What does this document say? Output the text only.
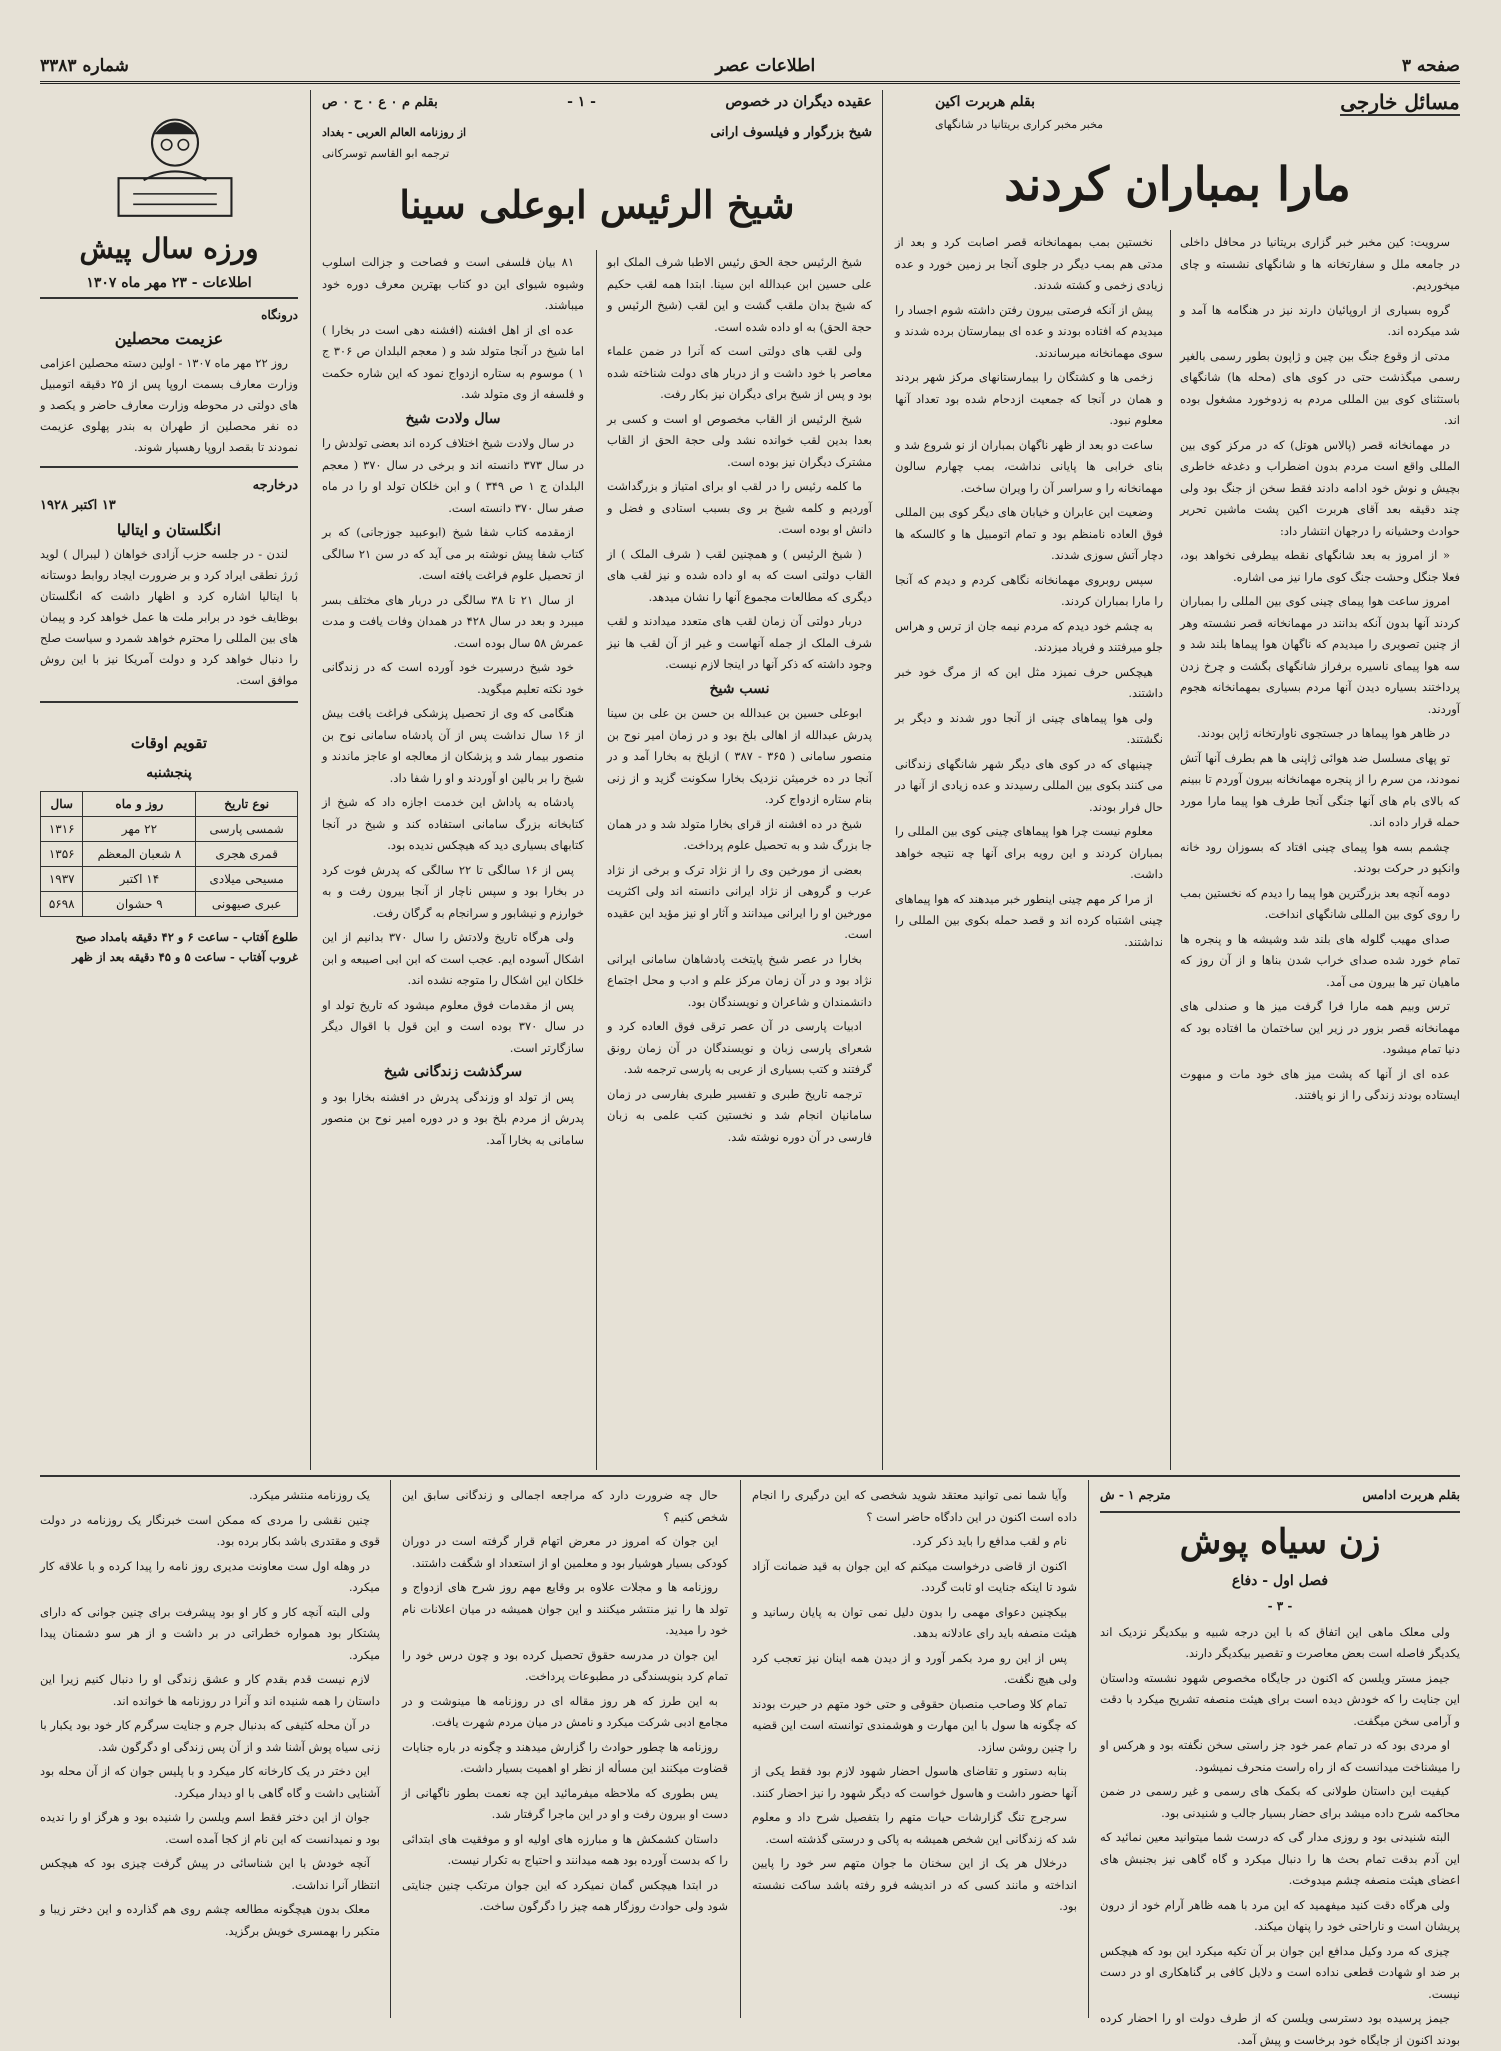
صفحه ۳
اطلاعات عصر
شماره ۳۳۸۳
مسائل خارجی
بقلم هربرت اکین
مخبر مخبر کراری بریتانیا در شانگهای
مارا بمباران کردند

سرویت: کین مخبر خبر گزاری بریتانیا در محافل داخلی در جامعه ملل و سفارتخانه ها و شانگهای نشسته و چای میخوردیم.

گروه بسیاری از اروپائیان دارند نیز در هنگامه ها آمد و شد میکرده اند.

مدتی از وقوع جنگ بین چین و ژاپون بطور رسمی بالغیر رسمی میگذشت حتی در کوی های (محله ها) شانگهای باستثنای کوی بین المللی مردم به زدوخورد مشغول بوده اند.

در مهمانخانه قصر (پالاس هوتل) که در مرکز کوی بین المللی واقع است مردم بدون اضطراب و دغدغه خاطری بچیش و نوش خود ادامه دادند فقط سخن از جنگ بود ولی چند دقیقه بعد آقای هربرت اکین پشت ماشین تحریر حوادث وحشیانه را درجهان انتشار داد:

« از امروز به بعد شانگهای نقطه بیطرفی نخواهد بود، فعلا جنگل وحشت جنگ کوی مارا نیز می اشاره.

امروز ساعت هوا پیمای چینی کوی بین المللی را بمباران کردند آنها بدون آنکه بدانند در مهمانخانه قصر نشسته وهر از چنین تصویری را میدیدم که ناگهان هوا پیماها بلند شد و سه هوا پیمای ناسیره برفراز شانگهای بگشت و چرخ زدن پرداختند بسیاره دیدن آنها مردم بسیاری بمهمانخانه هجوم آوردند.

در ظاهر هوا پیماها در جستجوی ناوارتخانه ژاپن بودند.

تو پهای مسلسل ضد هوائی ژاپنی ها هم بطرف آنها آتش نمودند، من سرم را از پنجره مهمانخانه بیرون آوردم تا ببینم که بالای بام های آنها جنگی آنجا طرف هوا پیما مارا مورد حمله قرار داده اند.

چشمم بسه هوا پیمای چینی افتاد که بسوزان رود خانه وانکپو در حرکت بودند.

دومه آنچه بعد بزرگترین هوا پیما را دیدم که نخستین بمب را روی کوی بین المللی شانگهای انداخت.

صدای مهیب گلوله های بلند شد وشیشه ها و پنجره ها تمام خورد شده صدای خراب شدن بناها و از آن روز که ماهیان تیر ها بیرون می آمد.

ترس وبیم همه مارا فرا گرفت میز ها و صندلی های مهمانخانه قصر بزور در زیر این ساختمان ما افتاده بود که دنیا تمام میشود.

عده ای از آنها که پشت میز های خود مات و مبهوت ایستاده بودند زندگی را از نو یافتند.

نخستین بمب بمهمانخانه قصر اصابت کرد و بعد از مدتی هم بمب دیگر در جلوی آنجا بر زمین خورد و عده زیادی زخمی و کشته شدند.

پیش از آنکه فرصتی بیرون رفتن داشته شوم اجساد را میدیدم که افتاده بودند و عده ای بیمارستان برده شدند و سوی مهمانخانه میرساندند.

زخمی ها و کشتگان را بیمارستانهای مرکز شهر بردند و همان در آنجا که جمعیت ازدحام شده بود تعداد آنها معلوم نبود.

ساعت دو بعد از ظهر ناگهان بمباران از نو شروع شد و بنای خرابی ها پایانی نداشت، بمب چهارم سالون مهمانخانه را و سراسر آن را ویران ساخت.

وضعیت این عابران و خیابان های دیگر کوی بین المللی فوق العاده نامنظم بود و تمام اتومبیل ها و کالسکه ها دچار آتش سوزی شدند.

سپس روبروی مهمانخانه نگاهی کردم و دیدم که آنجا را مارا بمباران کردند.

به چشم خود دیدم که مردم نیمه جان از ترس و هراس جلو میرفتند و فریاد میزدند.

هیچکس حرف نمیزد مثل این که از مرگ خود خبر داشتند.

ولی هوا پیماهای چینی از آنجا دور شدند و دیگر بر نگشتند.

چینیهای که در کوی های دیگر شهر شانگهای زندگانی می کنند بکوی بین المللی رسیدند و عده زیادی از آنها در حال فرار بودند.

معلوم نیست چرا هوا پیماهای چینی کوی بین المللی را بمباران کردند و این رویه برای آنها چه نتیجه خواهد داشت.

از مرا کر مهم چینی اینطور خبر میدهند که هوا پیماهای چینی اشتباه کرده اند و قصد حمله بکوی بین المللی را نداشتند.

عقیده دیگران در خصوص
- ۱ -
بقلم م ٠ ع ٠ ح ٠ ص
شیخ بزرگوار و فیلسوف ارانی
از روزنامه العالم العربی - بغداد
ترجمه ابو القاسم توسرکانی
شیخ الرئیس ابوعلی سینا

شیخ الرئیس حجة الحق رئیس الاطبا شرف الملک ابو علی حسین ابن عبدالله ابن سینا. ابتدا همه لقب حکیم که شیخ بدان ملقب گشت و این لقب (شیخ الرئیس و حجة الحق) به او داده شده است.

ولی لقب های دولتی است که آنرا در ضمن علماء معاصر با خود داشت و از دربار های دولت شناخته شده بود و پس از شیخ برای دیگران نیز بکار رفت.

شیخ الرئیس از القاب مخصوص او است و کسی بر بعدا بدین لقب خوانده نشد ولی حجة الحق از القاب مشترک دیگران نیز بوده است.

ما کلمه رئیس را در لقب او برای امتیاز و بزرگداشت آوردیم و کلمه شیخ بر وی بسبب استادی و فضل و دانش او بوده است.

( شیخ الرئیس ) و همچنین لقب ( شرف الملک ) از القاب دولتی است که به او داده شده و نیز لقب های دیگری که مطالعات مجموع آنها را نشان میدهد.

دربار دولتی آن زمان لقب های متعدد میدادند و لقب شرف الملک از جمله آنهاست و غیر از آن لقب ها نیز وجود داشته که ذکر آنها در اینجا لازم نیست.

نسب شیخ

ابوعلی حسین بن عبدالله بن حسن بن علی بن سینا پدرش عبدالله از اهالی بلخ بود و در زمان امیر نوح بن منصور سامانی ( ۳۶۵ - ۳۸۷ ) ازبلخ به بخارا آمد و در آنجا در ده خرمیثن نزدیک بخارا سکونت گزید و از زنی بنام ستاره ازدواج کرد.

شیخ در ده افشنه از قرای بخارا متولد شد و در همان جا بزرگ شد و به تحصیل علوم پرداخت.

بعضی از مورخین وی را از نژاد ترک و برخی از نژاد عرب و گروهی از نژاد ایرانی دانسته اند ولی اکثریت مورخین او را ایرانی میدانند و آثار او نیز مؤید این عقیده است.

بخارا در عصر شیخ پایتخت پادشاهان سامانی ایرانی نژاد بود و در آن زمان مرکز علم و ادب و محل اجتماع دانشمندان و شاعران و نویسندگان بود.

ادبیات پارسی در آن عصر ترقی فوق العاده کرد و شعرای پارسی زبان و نویسندگان در آن زمان رونق گرفتند و کتب بسیاری از عربی به پارسی ترجمه شد.

ترجمه تاریخ طبری و تفسیر طبری بفارسی در زمان سامانیان انجام شد و نخستین کتب علمی به زبان فارسی در آن دوره نوشته شد.

۸۱ بیان فلسفی است و فصاحت و جزالت اسلوب وشیوه شیوای این دو کتاب بهترین معرف دوره خود میباشند.

عده ای از اهل افشنه (افشنه دهی است در بخارا ) اما شیخ در آنجا متولد شد و ( معجم البلدان ص ۳۰۶ ج ۱ ) موسوم به ستاره ازدواج نمود که این شاره حکمت و فلسفه از وی متولد شد.

سال ولادت شیخ

در سال ولادت شیخ اختلاف کرده اند بعضی تولدش را در سال ۳۷۳ دانسته اند و برخی در سال ۳۷۰ ( معجم البلدان ج ۱ ص ۳۴۹ ) و ابن خلکان تولد او را در ماه صفر سال ۳۷۰ دانسته است.

ازمقدمه کتاب شفا شیخ (ابوعبید جوزجانی) که بر کتاب شفا پیش نوشته بر می آید که در سن ۲۱ سالگی از تحصیل علوم فراغت یافته است.

از سال ۲۱ تا ۳۸ سالگی در دربار های مختلف بسر میبرد و بعد در سال ۴۲۸ در همدان وفات یافت و مدت عمرش ۵۸ سال بوده است.

خود شیخ درسیرت خود آورده است که در زندگانی خود نکته تعلیم میگوید.

هنگامی که وی از تحصیل پزشکی فراغت یافت بیش از ۱۶ سال نداشت پس از آن پادشاه سامانی نوح بن منصور بیمار شد و پزشکان از معالجه او عاجز ماندند و شیخ را بر بالین او آوردند و او را شفا داد.

پادشاه به پاداش این خدمت اجازه داد که شیخ از کتابخانه بزرگ سامانی استفاده کند و شیخ در آنجا کتابهای بسیاری دید که هیچکس ندیده بود.

پس از ۱۶ سالگی تا ۲۲ سالگی که پدرش فوت کرد در بخارا بود و سپس ناچار از آنجا بیرون رفت و به خوارزم و نیشابور و سرانجام به گرگان رفت.

ولی هرگاه تاریخ ولادتش را سال ۳۷۰ بدانیم از این اشکال آسوده ایم. عجب است که ابن ابی اصیبعه و ابن خلکان این اشکال را متوجه نشده اند.

پس از مقدمات فوق معلوم میشود که تاریخ تولد او در سال ۳۷۰ بوده است و این قول با اقوال دیگر سازگارتر است.

سرگذشت زندگانی شیخ

پس از تولد او وزندگی پدرش در افشنه بخارا بود و پدرش از مردم بلخ بود و در دوره امیر نوح بن منصور سامانی به بخارا آمد.

ورزه سال پیش
اطلاعات - ۲۳ مهر ماه ۱۳۰۷
درونگاه
عزیمت محصلین

روز ۲۲ مهر ماه ۱۳۰۷ - اولین دسته محصلین اعزامی وزارت معارف بسمت اروپا پس از ۲۵ دقیقه اتومبیل های دولتی در محوطه وزارت معارف حاضر و یکصد و ده نفر محصلین از طهران به بندر پهلوی عزیمت نمودند تا بقصد اروپا رهسپار شوند.

درخارجه
۱۳ اکتبر ۱۹۲۸
انگلستان و ایتالیا

لندن - در جلسه حزب آزادی خواهان ( لیبرال ) لوید ژرژ نطقی ایراد کرد و بر ضرورت ایجاد روابط دوستانه با ایتالیا اشاره کرد و اظهار داشت که انگلستان بوظایف خود در برابر ملت ها عمل خواهد کرد و پیمان های بین المللی را محترم خواهد شمرد و سیاست صلح را دنبال خواهد کرد و دولت آمریکا نیز با این روش موافق است.

تقویم اوقات
پنجشنبه
نوع تاریخ	روز و ماه	سال
شمسی پارسی	۲۲ مهر	۱۳۱۶
قمری هجری	۸ شعبان المعظم	۱۳۵۶
مسیحی میلادی	۱۴ اکتبر	۱۹۳۷
عبری صیهونی	۹ حشوان	۵۶۹۸
طلوع آفتاب - ساعت ۶ و ۴۲ دقیقه بامداد صبح
غروب آفتاب - ساعت ۵ و ۴۵ دقیقه بعد از ظهر
بقلم هربرت ادامس
مترجم ۱ - ش
زن سیاه پوش
فصل اول - دفاع
- ۳ -

ولی معلک ماهی این اتفاق که با این درجه شبیه و بیکدیگر نزدیک اند یکدیگر فاصله است بعض معاصرت و تقصیر بیکدیگر دارند.

جیمز مستر ویلسن که اکنون در جایگاه مخصوص شهود نشسته وداستان این جنایت را که خودش دیده است برای هیئت منصفه تشریح میکرد با دقت و آرامی سخن میگفت.

او مردی بود که در تمام عمر خود جز راستی سخن نگفته بود و هرکس او را میشناخت میدانست که از راه راست منحرف نمیشود.

کیفیت این داستان طولانی که بکمک های رسمی و غیر رسمی در ضمن محاکمه شرح داده میشد برای حضار بسیار جالب و شنیدنی بود.

البته شنیدنی بود و روزی مدار گی که درست شما میتوانید معین نمائید که این آدم بدقت تمام بحث ها را دنبال میکرد و گاه گاهی نیز بجنبش های اعضای هیئت منصفه چشم میدوخت.

ولی هرگاه دقت کنید میفهمید که این مرد با همه ظاهر آرام خود از درون پریشان است و ناراحتی خود را پنهان میکند.

چیزی که مرد وکیل مدافع این جوان بر آن تکیه میکرد این بود که هیچکس بر ضد او شهادت قطعی نداده است و دلایل کافی بر گناهکاری او در دست نیست.

جیمز پرسیده بود دسترسی ویلسن که از طرف دولت او را احضار کرده بودند اکنون از جایگاه خود برخاست و پیش آمد.

وآیا شما نمی توانید معتقد شوید شخصی که این درگیری را انجام داده است اکنون در این دادگاه حاضر است ؟

نام و لقب مدافع را باید ذکر کرد.

اکنون از قاضی درخواست میکنم که این جوان به قید ضمانت آزاد شود تا اینکه جنایت او ثابت گردد.

بیکچنین دعوای مهمی را بدون دلیل نمی توان به پایان رسانید و هیئت منصفه باید رای عادلانه بدهد.

پس از این رو مرد بکمر آورد و از دیدن همه اینان نیز تعجب کرد ولی هیچ نگفت.

تمام کلا وصاحب منصبان حقوقی و حتی خود متهم در حیرت بودند که چگونه ها سول با این مهارت و هوشمندی توانسته است این قضیه را چنین روشن سازد.

بنابه دستور و تقاضای هاسول احضار شهود لازم بود فقط یکی از آنها حضور داشت و هاسول خواست که دیگر شهود را نیز احضار کنند.

سرجرج تنگ گزارشات حیات متهم را بتفصیل شرح داد و معلوم شد که زندگانی این شخص همیشه به پاکی و درستی گذشته است.

درخلال هر یک از این سخنان ما جوان متهم سر خود را پایین انداخته و مانند کسی که در اندیشه فرو رفته باشد ساکت نشسته بود.

حال چه ضرورت دارد که مراجعه اجمالی و زندگانی سابق این شخص کنیم ؟

این جوان که امروز در معرض اتهام قرار گرفته است در دوران کودکی بسیار هوشیار بود و معلمین او از استعداد او شگفت داشتند.

روزنامه ها و مجلات علاوه بر وقایع مهم روز شرح های ازدواج و تولد ها را نیز منتشر میکنند و این جوان همیشه در میان اعلانات نام خود را میدید.

این جوان در مدرسه حقوق تحصیل کرده بود و چون درس خود را تمام کرد بنویسندگی در مطبوعات پرداخت.

به این طرز که هر روز مقاله ای در روزنامه ها مینوشت و در مجامع ادبی شرکت میکرد و نامش در میان مردم شهرت یافت.

روزنامه ها چطور حوادث را گزارش میدهند و چگونه در باره جنایات قضاوت میکنند این مسأله از نظر او اهمیت بسیار داشت.

یس بطوری که ملاحظه میفرمائید این چه نعمت بطور ناگهانی از دست او بیرون رفت و او در این ماجرا گرفتار شد.

داستان کشمکش ها و مبارزه های اولیه او و موفقیت های ابتدائی را که بدست آورده بود همه میدانند و احتیاج به تکرار نیست.

در ابتدا هیچکس گمان نمیکرد که این جوان مرتکب چنین جنایتی شود ولی حوادث روزگار همه چیز را دگرگون ساخت.

یک روزنامه منتشر میکرد.

چنین نقشی را مردی که ممکن است خبرنگار یک روزنامه در دولت قوی و مقتدری باشد بکار برده بود.

در وهله اول ست معاونت مدیری روز نامه را پیدا کرده و با علاقه کار میکرد.

ولی البته آنچه کار و کار او بود پیشرفت برای چنین جوانی که دارای پشتکار بود همواره خطراتی در بر داشت و از هر سو دشمنان پیدا میکرد.

لازم نیست قدم بقدم کار و عشق زندگی او را دنبال کنیم زیرا این داستان را همه شنیده اند و آنرا در روزنامه ها خوانده اند.

در آن محله کثیفی که بدنبال جرم و جنایت سرگرم کار خود بود یکبار با زنی سیاه پوش آشنا شد و از آن پس زندگی او دگرگون شد.

این دختر در یک کارخانه کار میکرد و با پلیس جوان که از آن محله بود آشنایی داشت و گاه گاهی با او دیدار میکرد.

جوان از این دختر فقط اسم ویلسن را شنیده بود و هرگز او را ندیده بود و نمیدانست که این نام از کجا آمده است.

آنچه خودش با این شناسائی در پیش گرفت چیزی بود که هیچکس انتظار آنرا نداشت.

معلک بدون هیچگونه مطالعه چشم روی هم گذارده و این دختر زیبا و متکبر را بهمسری خویش برگزید.
